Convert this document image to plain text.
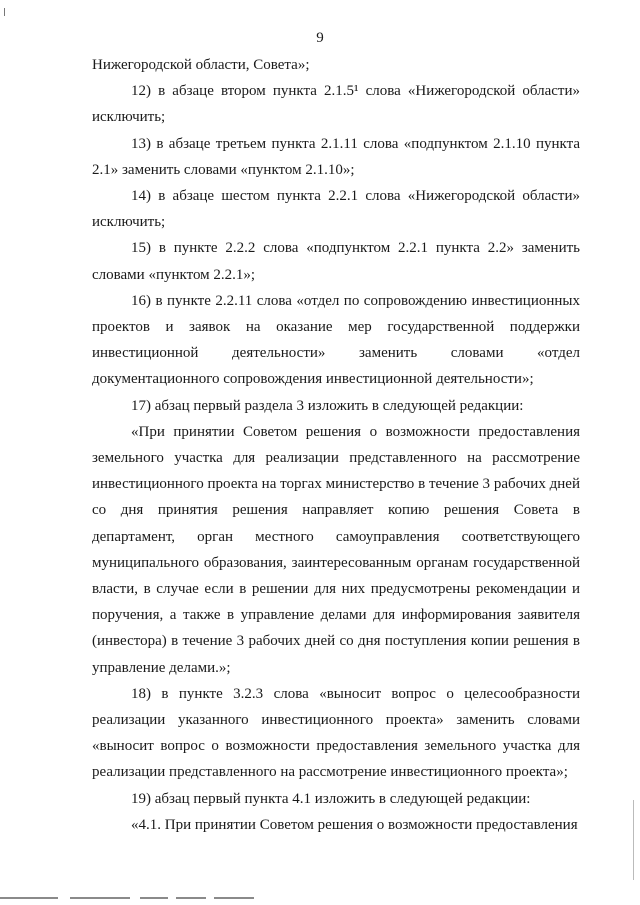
9

Нижегородской области, Совета»;

12) в абзаце втором пункта 2.1.5¹ слова «Нижегородской области» исключить;

13) в абзаце третьем пункта 2.1.11 слова «подпунктом 2.1.10 пункта 2.1» заменить словами «пунктом 2.1.10»;

14) в абзаце шестом пункта 2.2.1 слова «Нижегородской области» исключить;

15) в пункте 2.2.2 слова «подпунктом 2.2.1 пункта 2.2» заменить словами «пунктом 2.2.1»;

16) в пункте 2.2.11 слова «отдел по сопровождению инвестиционных проектов и заявок на оказание мер государственной поддержки инвестиционной деятельности» заменить словами «отдел документационного сопровождения инвестиционной деятельности»;

17) абзац первый раздела 3 изложить в следующей редакции:

«При принятии Советом решения о возможности предоставления земельного участка для реализации представленного на рассмотрение инвестиционного проекта на торгах министерство в течение 3 рабочих дней со дня принятия решения направляет копию решения Совета в департамент, орган местного самоуправления соответствующего муниципального образования, заинтересованным органам государственной власти, в случае если в решении для них предусмотрены рекомендации и поручения, а также в управление делами для информирования заявителя (инвестора) в течение 3 рабочих дней со дня поступления копии решения в управление делами.»;

18) в пункте 3.2.3 слова «выносит вопрос о целесообразности реализации указанного инвестиционного проекта» заменить словами «выносит вопрос о возможности предоставления земельного участка для реализации представленного на рассмотрение инвестиционного проекта»;

19) абзац первый пункта 4.1 изложить в следующей редакции:

«4.1. При принятии Советом решения о возможности предоставления
